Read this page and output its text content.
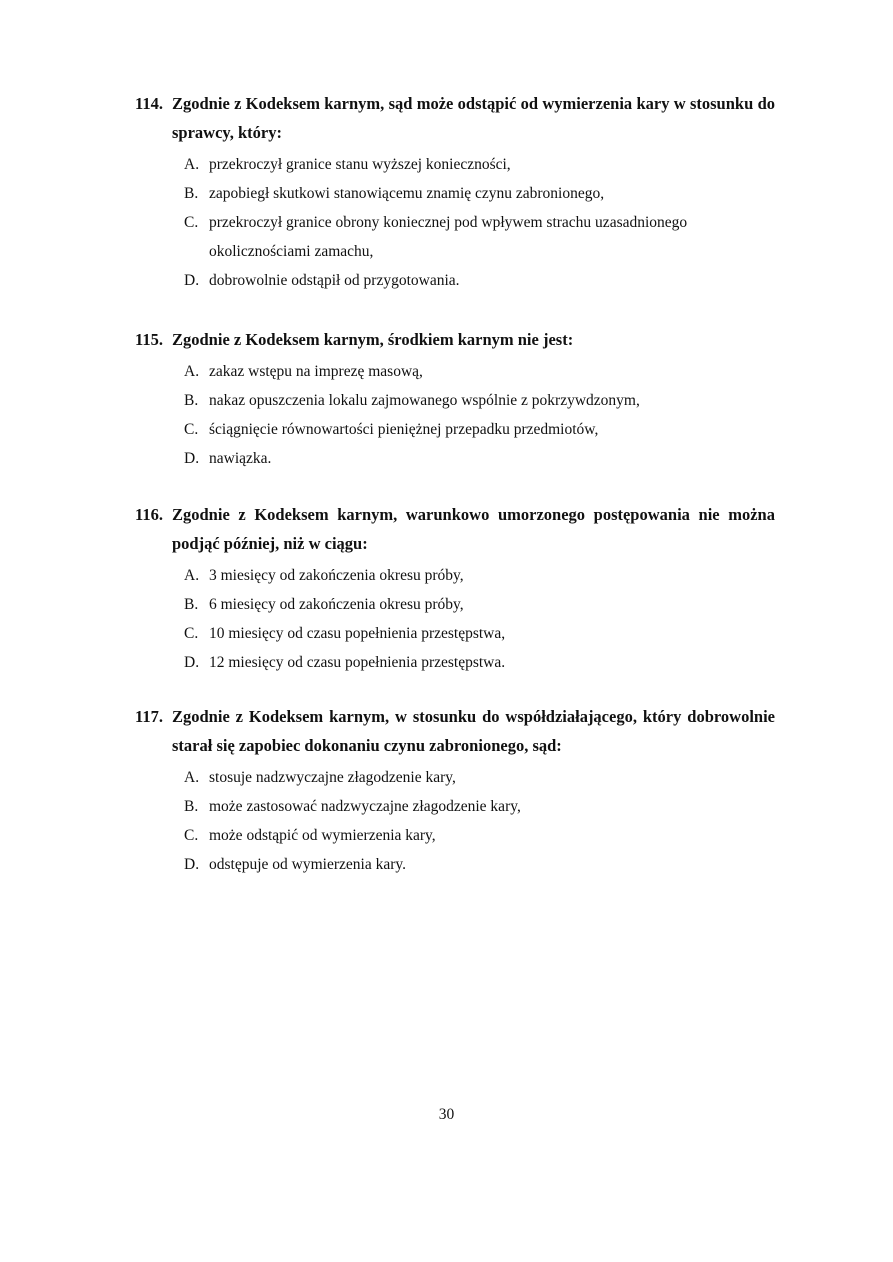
114. Zgodnie z Kodeksem karnym, sąd może odstąpić od wymierzenia kary w stosunku do sprawcy, który:
A. przekroczył granice stanu wyższej konieczności,
B. zapobiegł skutkowi stanowiącemu znamię czynu zabronionego,
C. przekroczył granice obrony koniecznej pod wpływem strachu uzasadnionego okolicznościami zamachu,
D. dobrowolnie odstąpił od przygotowania.
115. Zgodnie z Kodeksem karnym, środkiem karnym nie jest:
A. zakaz wstępu na imprezę masową,
B. nakaz opuszczenia lokalu zajmowanego wspólnie z pokrzywdzonym,
C. ściągnięcie równowartości pieniężnej przepadku przedmiotów,
D. nawiązka.
116. Zgodnie z Kodeksem karnym, warunkowo umorzonego postępowania nie można podjąć później, niż w ciągu:
A. 3 miesięcy od zakończenia okresu próby,
B. 6 miesięcy od zakończenia okresu próby,
C. 10 miesięcy od czasu popełnienia przestępstwa,
D. 12 miesięcy od czasu popełnienia przestępstwa.
117. Zgodnie z Kodeksem karnym, w stosunku do współdziałającego, który dobrowolnie starał się zapobiec dokonaniu czynu zabronionego, sąd:
A. stosuje nadzwyczajne złagodzenie kary,
B. może zastosować nadzwyczajne złagodzenie kary,
C. może odstąpić od wymierzenia kary,
D. odstępuje od wymierzenia kary.
30
